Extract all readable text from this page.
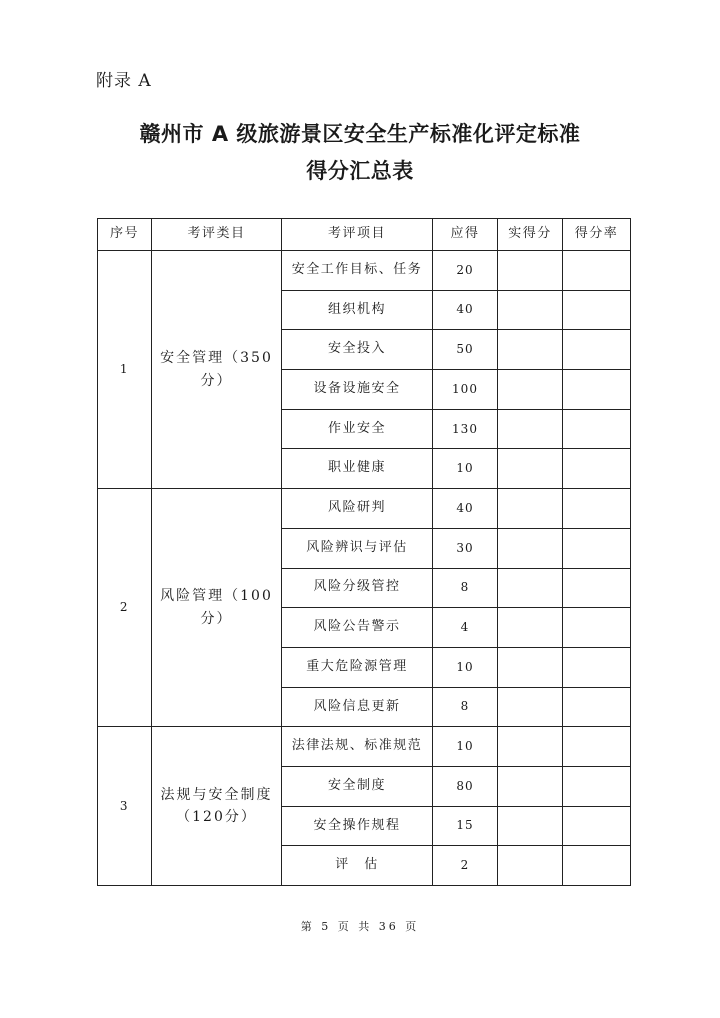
附录 A
赣州市 A 级旅游景区安全生产标准化评定标准
得分汇总表
序号	考评类目	考评项目	应得	实得分	得分率
1	安全管理（350分）	安全工作目标、任务	20		
		组织机构	40		
		安全投入	50		
		设备设施安全	100		
		作业安全	130		
		职业健康	10		
2	风险管理（100分）	风险研判	40		
		风险辨识与评估	30		
		风险分级管控	8		
		风险公告警示	4		
		重大危险源管理	10		
		风险信息更新	8		
3	法规与安全制度（120分）	法律法规、标准规范	10		
		安全制度	80		
		安全操作规程	15		
		评　估	2		
第 5 页 共 36 页
